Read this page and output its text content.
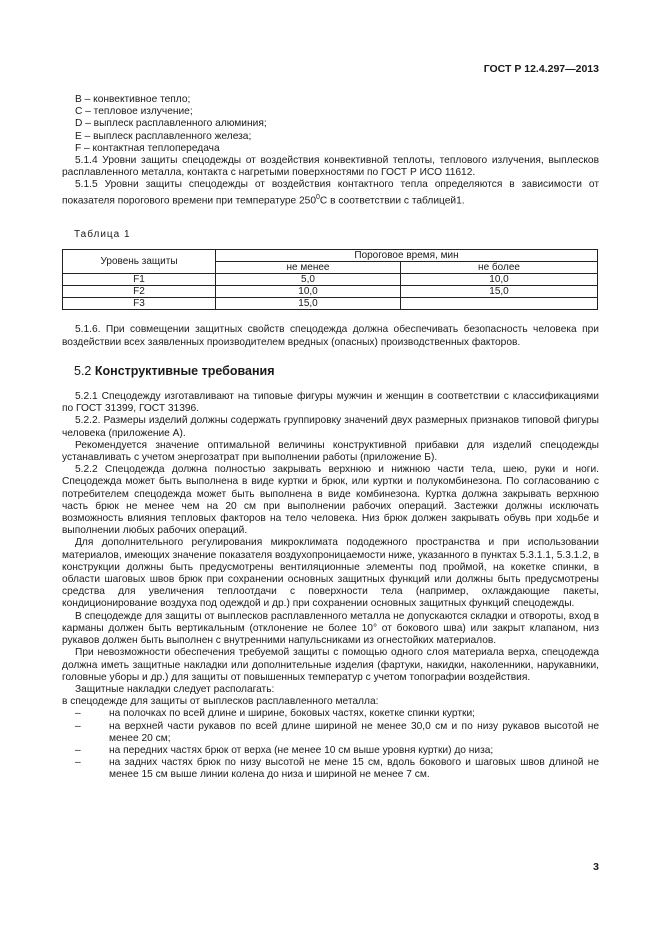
ГОСТ Р 12.4.297—2013

B – конвективное тепло;

C – тепловое излучение;

D – выплеск расплавленного алюминия;

E – выплеск расплавленного железа;

F – контактная теплопередача

5.1.4 Уровни защиты спецодежды от воздействия конвективной теплоты, теплового излучения, выплесков расплавленного металла, контакта с нагретыми поверхностями по ГОСТ Р ИСО 11612.

5.1.5 Уровни защиты спецодежды от воздействия контактного тепла определяются в зависимости от показателя порогового времени при температуре $250^0С$ в соответствии с таблицей1.

Таблица 1
Уровень защиты	Пороговое время, мин	
	не менее	не более
F1	5,0	10,0
F2	10,0	15,0
F3	15,0	

5.1.6. При совмещении защитных свойств спецодежда должна обеспечивать безопасность человека при воздействии всех заявленных производителем вредных (опасных) производственных факторов.

5.2 Конструктивные требования

5.2.1 Спецодежду изготавливают на типовые фигуры мужчин и женщин в соответствии с классификациями по ГОСТ 31399, ГОСТ 31396.

5.2.2. Размеры изделий должны содержать группировку значений двух размерных признаков типовой фигуры человека (приложение А).

Рекомендуется значение оптимальной величины конструктивной прибавки для изделий спецодежды устанавливать с учетом энергозатрат при выполнении работы (приложение Б).

5.2.2 Спецодежда должна полностью закрывать верхнюю и нижнюю части тела, шею, руки и ноги. Спецодежда может быть выполнена в виде куртки и брюк, или куртки и полукомбинезона. По согласованию с потребителем спецодежда может быть выполнена в виде комбинезона. Куртка должна закрывать верхнюю часть брюк не менее чем на 20 см при выполнении рабочих операций. Застежки должны исключать возможность влияния тепловых факторов на тело человека. Низ брюк должен закрывать обувь при ходьбе и выполнении любых рабочих операций.

Для дополнительного регулирования микроклимата пододежного пространства и при использовании материалов, имеющих значение показателя воздухопроницаемости ниже, указанного в пунктах 5.3.1.1, 5.3.1.2, в конструкции должны быть предусмотрены вентиляционные элементы под проймой, на кокетке спинки, в области шаговых швов брюк при сохранении основных защитных функций или должны быть предусмотрены средства для увеличения теплоотдачи с поверхности тела (например, охлаждающие пакеты, кондиционирование воздуха под одеждой и др.) при сохранении основных защитных функций спецодежды.

В спецодежде для защиты от выплесков расплавленного металла не допускаются складки и отвороты, вход в карманы должен быть вертикальным (отклонение не более 10° от бокового шва) или закрыт клапаном, низ рукавов должен быть выполнен с внутренними напульсниками из огнестойких материалов.

При невозможности обеспечения требуемой защиты с помощью одного слоя материала верха, спецодежда должна иметь защитные накладки или дополнительные изделия (фартуки, накидки, наколенники, нарукавники, головные уборы и др.) для защиты от повышенных температур с учетом топографии воздействия.

Защитные накладки следует располагать:

в спецодежде для защиты от выплесков расплавленного металла:

–	на полочках по всей длине и ширине, боковых частях, кокетке спинки куртки;
–	на верхней части рукавов по всей длине шириной не менее 30,0 см и по низу рукавов высотой не менее 20 см;
–	на передних частях брюк от верха (не менее 10 см выше уровня куртки) до низа;
–	на задних частях брюк по низу высотой не мене 15 см, вдоль бокового и шаговых швов длиной не менее 15 см выше линии колена до низа и шириной не менее 7 см.
3
